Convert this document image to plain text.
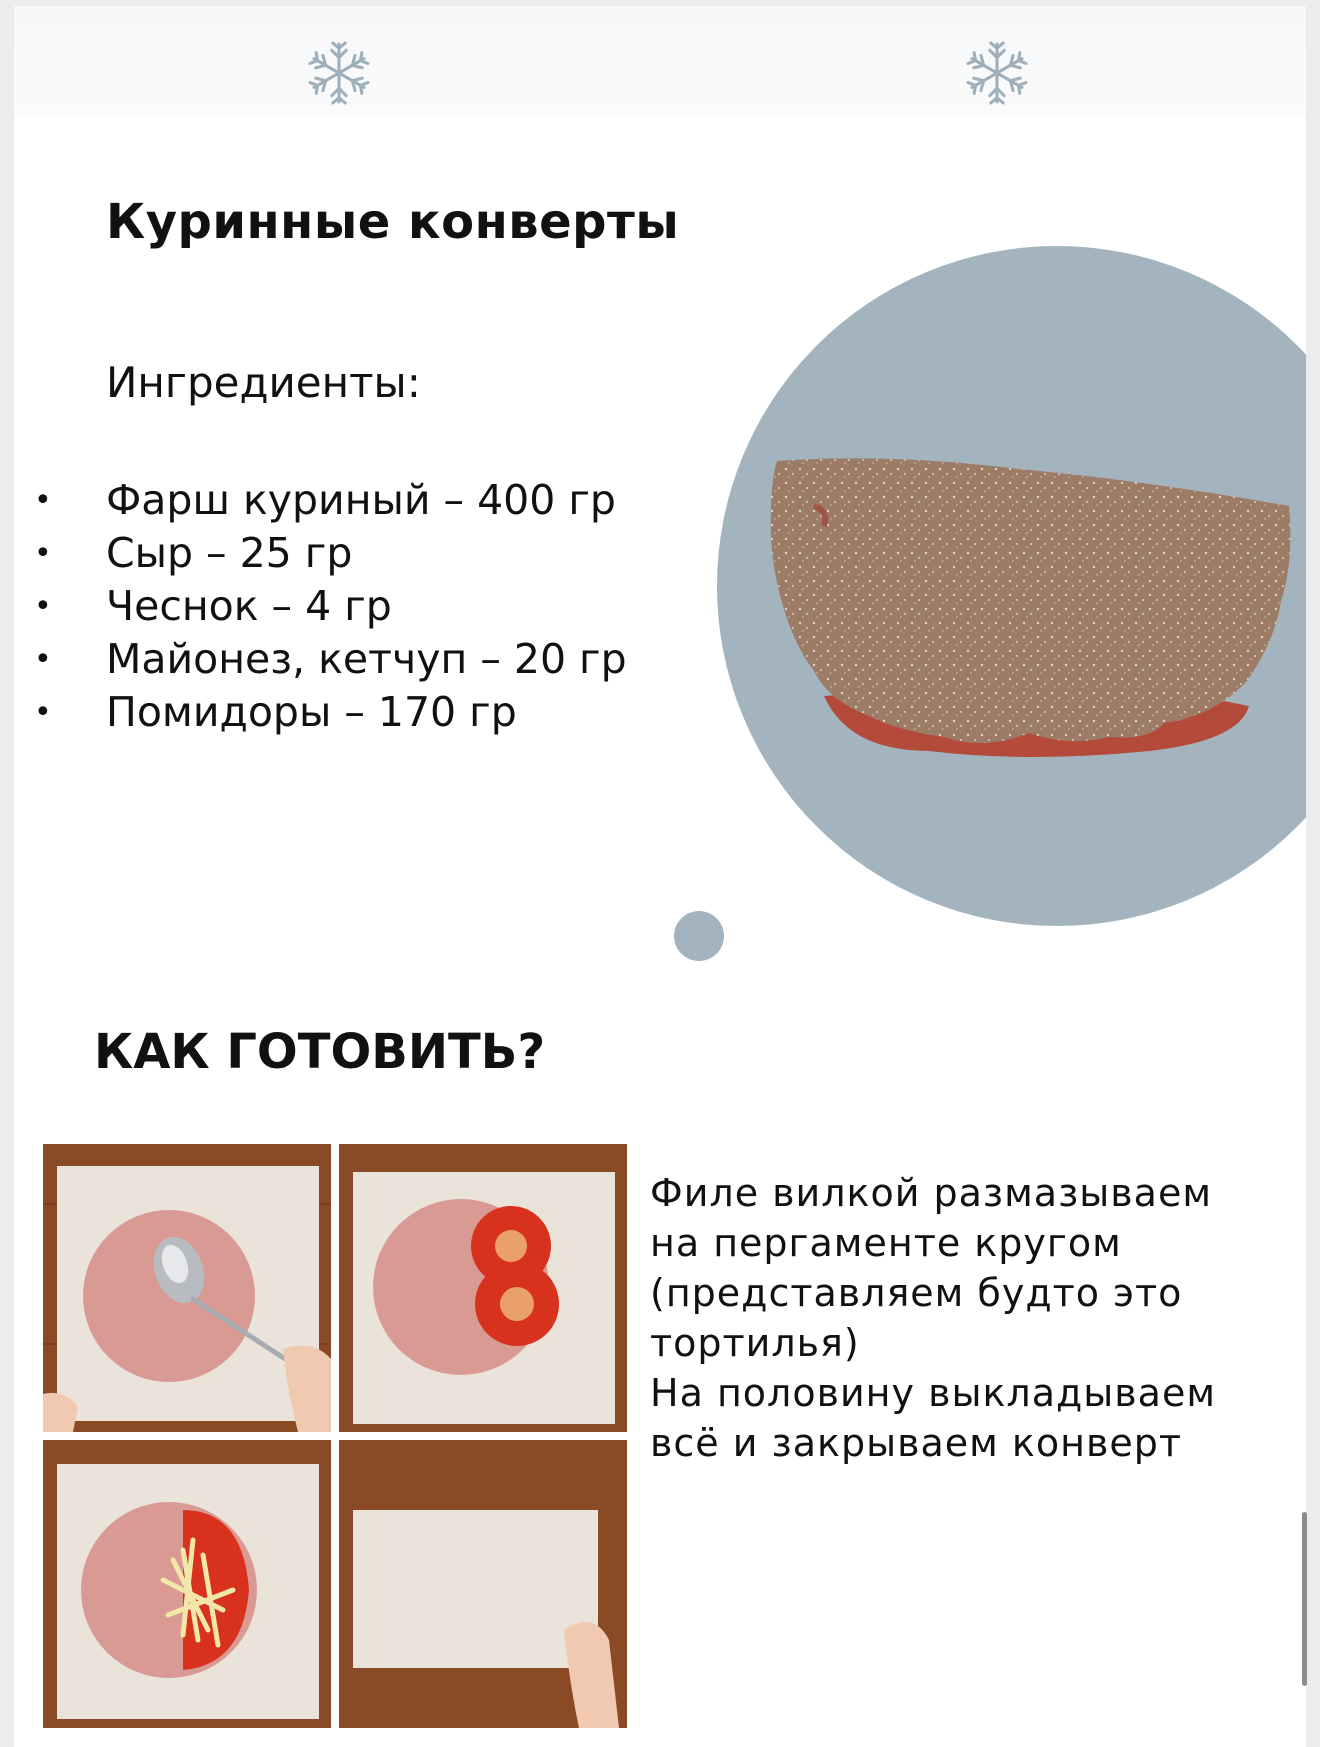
Куринные конверты
Ингредиенты:
• Фарш куриный – 400 гр
• Сыр – 25 гр
• Чеснок – 4 гр
• Майонез, кетчуп – 20 гр
• Помидоры – 170 гр
КАК ГОТОВИТЬ?

Филе вилкой размазываем

на пергаменте кругом

(представляем будто это

тортилья)

На половину выкладываем

всё и закрываем конверт
